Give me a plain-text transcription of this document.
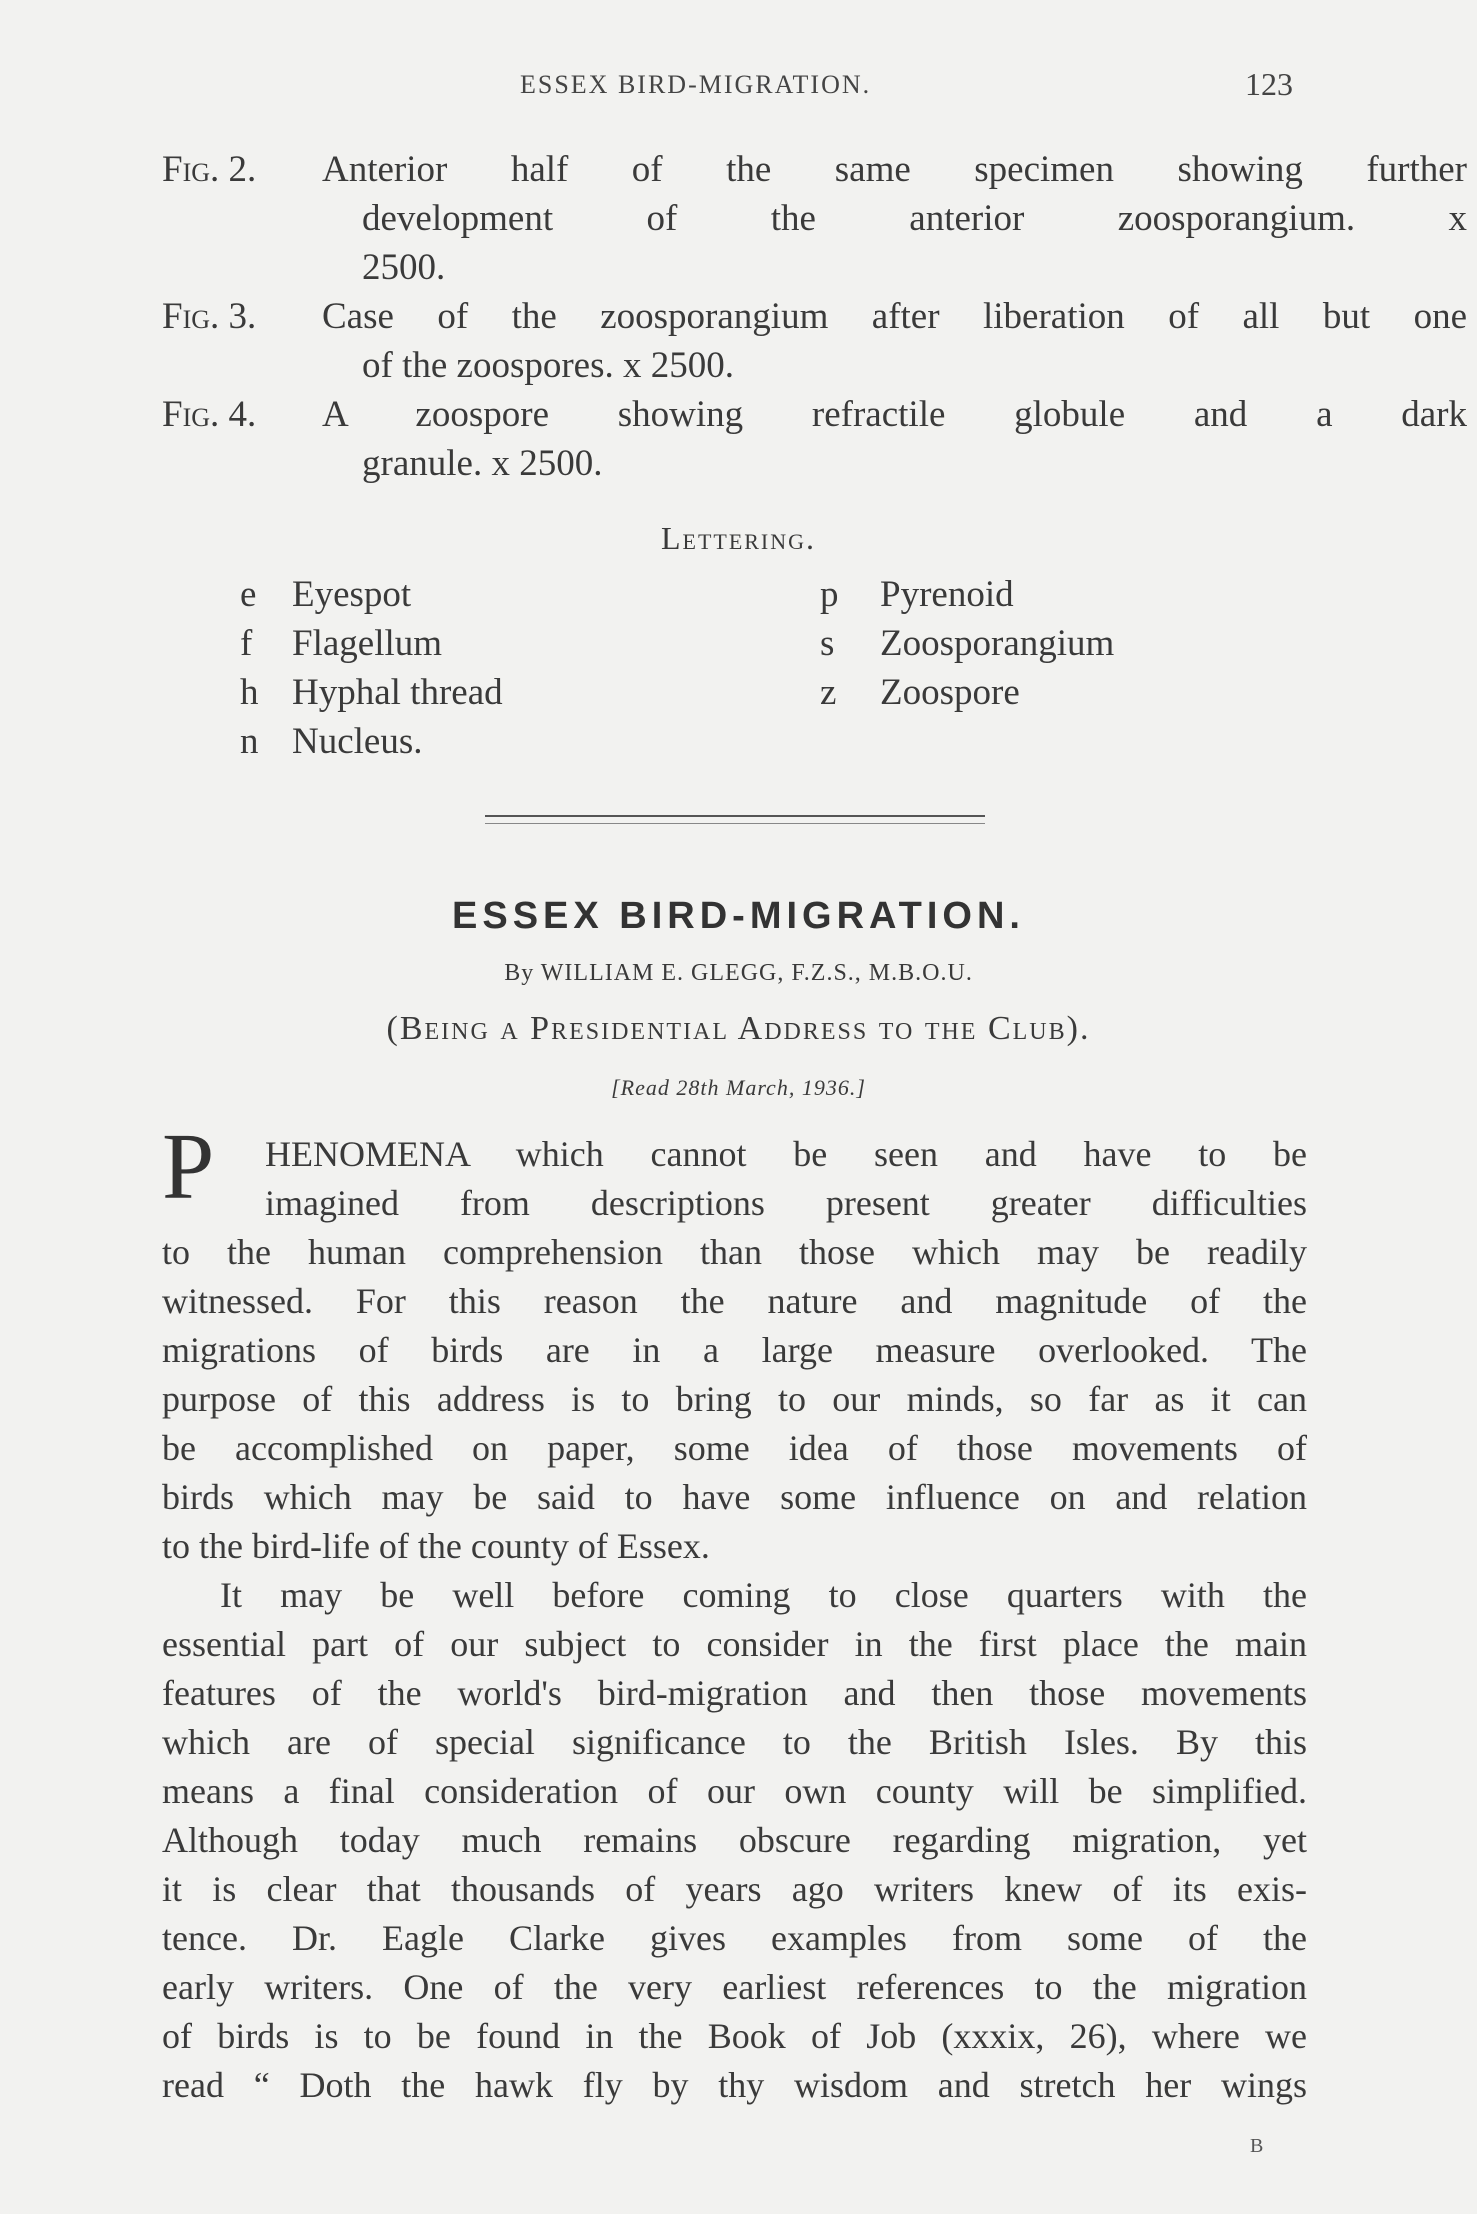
ESSEX BIRD-MIGRATION.	123
Fig. 2. Anterior half of the same specimen showing further
development of the anterior zoosporangium. x
2500.
Fig. 3. Case of the zoosporangium after liberation of all but one
of the zoospores. x 2500.
Fig. 4. A zoospore showing refractile globule and a dark
granule. x 2500.
Lettering.
e Eyespot
f Flagellum
h Hyphal thread
n Nucleus.
p Pyrenoid
s Zoosporangium
z Zoospore
ESSEX BIRD-MIGRATION.
By WILLIAM E. GLEGG, F.Z.S., M.B.O.U.
(Being a Presidential Address to the Club).
[Read 28th March, 1936.]
P HENOMENA which cannot be seen and have to be
imagined from descriptions present greater difficulties
to the human comprehension than those which may be readily
witnessed. For this reason the nature and magnitude of the
migrations of birds are in a large measure overlooked. The
purpose of this address is to bring to our minds, so far as it can
be accomplished on paper, some idea of those movements of
birds which may be said to have some influence on and relation
to the bird-life of the county of Essex.
It may be well before coming to close quarters with the
essential part of our subject to consider in the first place the main
features of the world's bird-migration and then those movements
which are of special significance to the British Isles. By this
means a final consideration of our own county will be simplified.
Although today much remains obscure regarding migration, yet
it is clear that thousands of years ago writers knew of its exis-
tence. Dr. Eagle Clarke gives examples from some of the
early writers. One of the very earliest references to the migration
of birds is to be found in the Book of Job (xxxix, 26), where we
read “ Doth the hawk fly by thy wisdom and stretch her wings
B
